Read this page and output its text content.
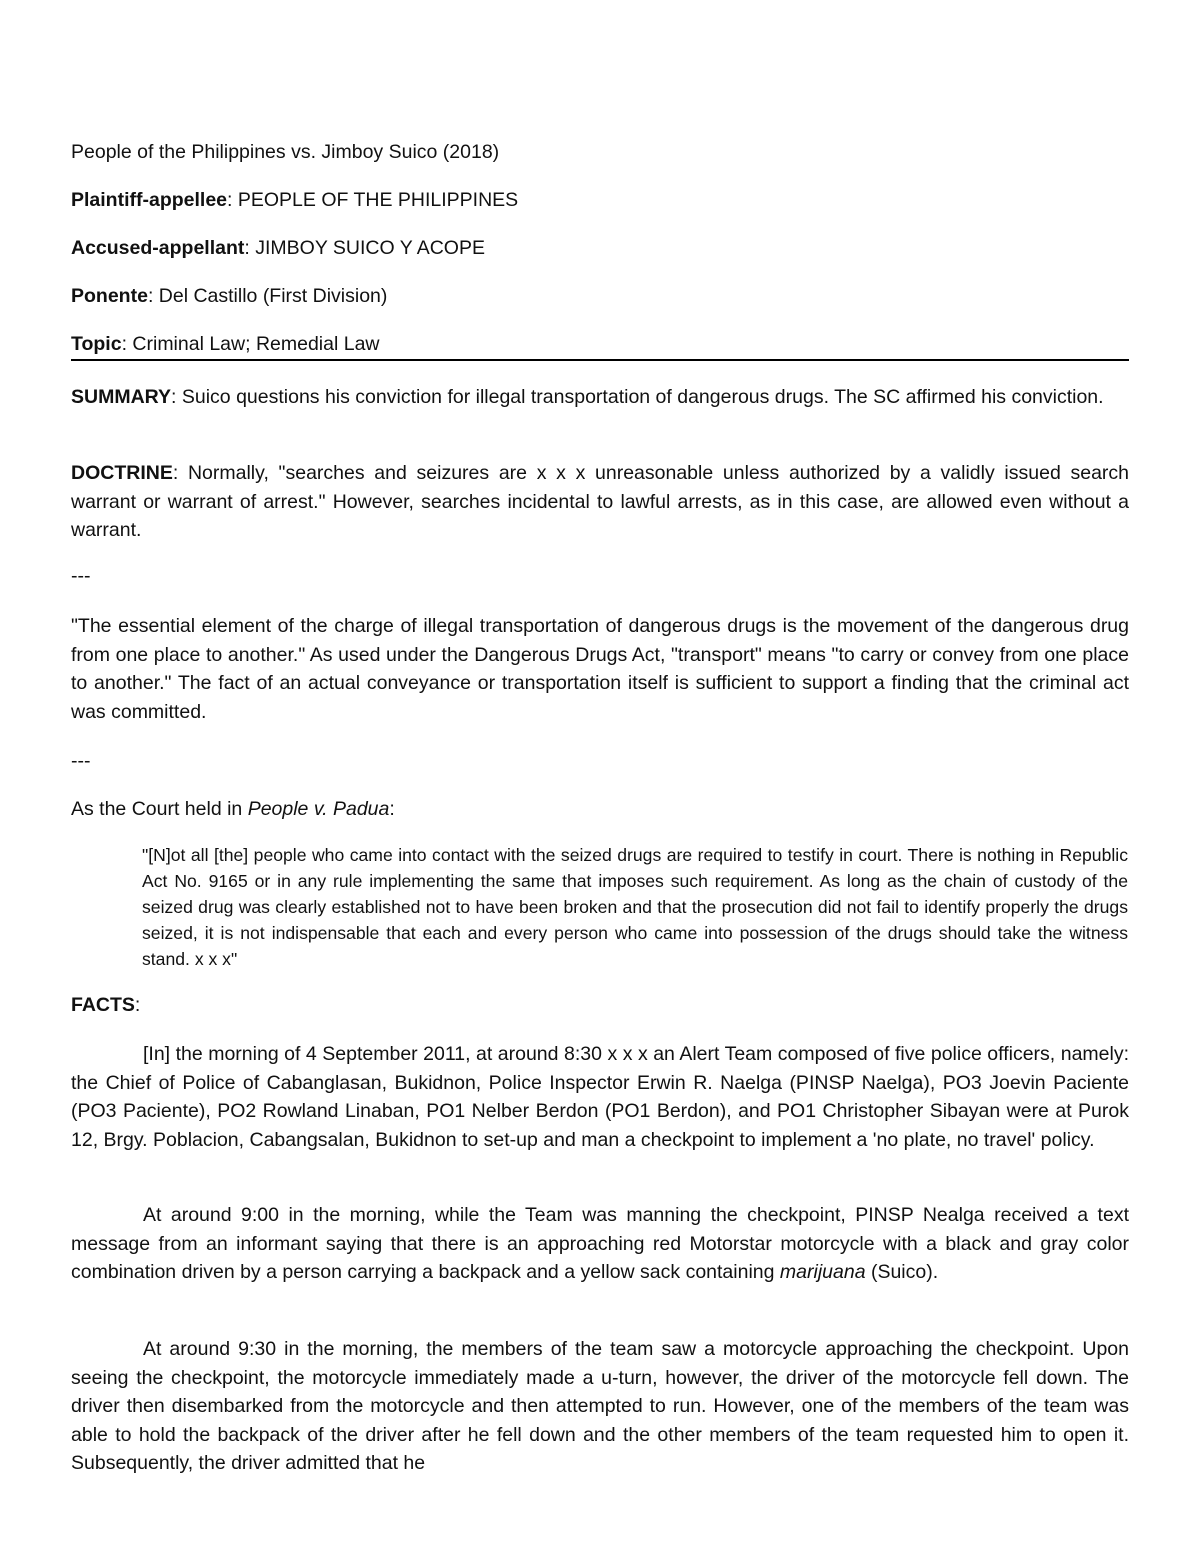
People of the Philippines vs. Jimboy Suico (2018)
Plaintiff-appellee: PEOPLE OF THE PHILIPPINES
Accused-appellant: JIMBOY SUICO Y ACOPE
Ponente: Del Castillo (First Division)
Topic: Criminal Law; Remedial Law
SUMMARY: Suico questions his conviction for illegal transportation of dangerous drugs. The SC affirmed his conviction.
DOCTRINE: Normally, "searches and seizures are x x x unreasonable unless authorized by a validly issued search warrant or warrant of arrest." However, searches incidental to lawful arrests, as in this case, are allowed even without a warrant.
---
"The essential element of the charge of illegal transportation of dangerous drugs is the movement of the dangerous drug from one place to another." As used under the Dangerous Drugs Act, "transport" means "to carry or convey from one place to another." The fact of an actual conveyance or transportation itself is sufficient to support a finding that the criminal act was committed.
---
As the Court held in People v. Padua:
"[N]ot all [the] people who came into contact with the seized drugs are required to testify in court. There is nothing in Republic Act No. 9165 or in any rule implementing the same that imposes such requirement. As long as the chain of custody of the seized drug was clearly established not to have been broken and that the prosecution did not fail to identify properly the drugs seized, it is not indispensable that each and every person who came into possession of the drugs should take the witness stand. x x x"
FACTS:
[In] the morning of 4 September 2011, at around 8:30 x x x an Alert Team composed of five police officers, namely: the Chief of Police of Cabanglasan, Bukidnon, Police Inspector Erwin R. Naelga (PINSP Naelga), PO3 Joevin Paciente (PO3 Paciente), PO2 Rowland Linaban, PO1 Nelber Berdon (PO1 Berdon), and PO1 Christopher Sibayan were at Purok 12, Brgy. Poblacion, Cabangsalan, Bukidnon to set-up and man a checkpoint to implement a 'no plate, no travel' policy.
At around 9:00 in the morning, while the Team was manning the checkpoint, PINSP Nealga received a text message from an informant saying that there is an approaching red Motorstar motorcycle with a black and gray color combination driven by a person carrying a backpack and a yellow sack containing marijuana (Suico).
At around 9:30 in the morning, the members of the team saw a motorcycle approaching the checkpoint. Upon seeing the checkpoint, the motorcycle immediately made a u-turn, however, the driver of the motorcycle fell down. The driver then disembarked from the motorcycle and then attempted to run. However, one of the members of the team was able to hold the backpack of the driver after he fell down and the other members of the team requested him to open it. Subsequently, the driver admitted that he
